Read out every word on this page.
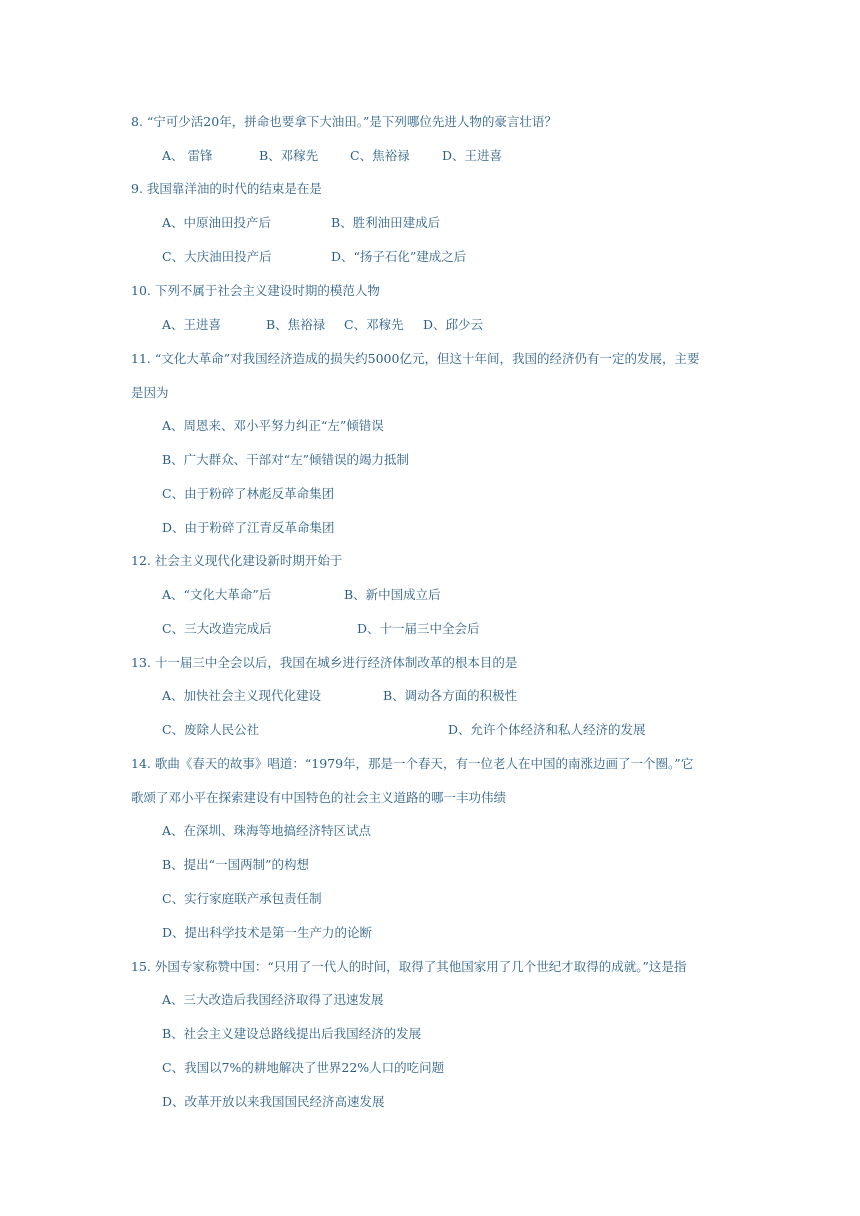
8. “宁可少活20年，拼命也要拿下大油田。”是下列哪位先进人物的豪言壮语？
A、 雷锋	B、邓稼先	C、焦裕禄	D、王进喜
9. 我国靠洋油的时代的结束是在是
A、中原油田投产后	B、胜利油田建成后
C、大庆油田投产后	D、“扬子石化”建成之后
10. 下列不属于社会主义建设时期的模范人物
A、王进喜	B、焦裕禄 C、邓稼先 D、邱少云
11. “文化大革命”对我国经济造成的损失约5000亿元，但这十年间，我国的经济仍有一定的发展，主要
是因为
A、周恩来、邓小平努力纠正“左”倾错误
B、广大群众、干部对“左”倾错误的竭力抵制
C、由于粉碎了林彪反革命集团
D、由于粉碎了江青反革命集团
12. 社会主义现代化建设新时期开始于
A、“文化大革命”后	B、新中国成立后
C、三大改造完成后	D、十一届三中全会后
13. 十一届三中全会以后，我国在城乡进行经济体制改革的根本目的是
A、加快社会主义现代化建设	B、调动各方面的积极性
C、废除人民公社	D、允许个体经济和私人经济的发展
14. 歌曲《春天的故事》唱道：“1979年，那是一个春天，有一位老人在中国的南涨边画了一个圈。”它
歌颂了邓小平在探索建设有中国特色的社会主义道路的哪一丰功伟绩
A、在深圳、珠海等地搞经济特区试点
B、提出“一国两制”的构想
C、实行家庭联产承包责任制
D、提出科学技术是第一生产力的论断
15. 外国专家称赞中国：“只用了一代人的时间，取得了其他国家用了几个世纪才取得的成就。”这是指
A、三大改造后我国经济取得了迅速发展
B、社会主义建设总路线提出后我国经济的发展
C、我国以7%的耕地解决了世界22%人口的吃问题
D、改革开放以来我国国民经济高速发展
